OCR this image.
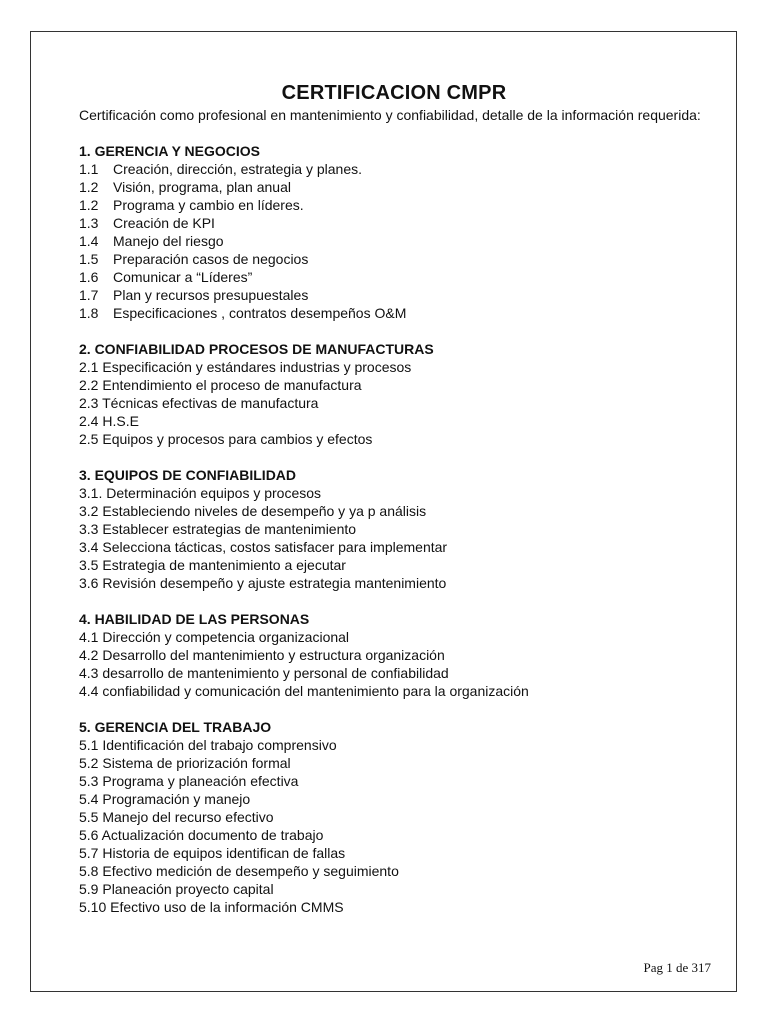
CERTIFICACION CMPR

Certificación como profesional en mantenimiento y confiabilidad, detalle de la información requerida:

1. GERENCIA Y NEGOCIOS
1.1 Creación, dirección, estrategia y planes.
1.2 Visión, programa, plan anual
1.2 Programa y cambio en líderes.
1.3 Creación de KPI
1.4 Manejo del riesgo
1.5 Preparación casos de negocios
1.6 Comunicar a “Líderes”
1.7 Plan y recursos presupuestales
1.8 Especificaciones , contratos desempeños O&M
2. CONFIABILIDAD PROCESOS DE MANUFACTURAS
2.1 Especificación y estándares industrias y procesos
2.2 Entendimiento el proceso de manufactura
2.3 Técnicas efectivas de manufactura
2.4 H.S.E
2.5 Equipos y procesos para cambios y efectos
3. EQUIPOS DE CONFIABILIDAD
3.1. Determinación equipos y procesos
3.2 Estableciendo niveles de desempeño y ya p análisis
3.3 Establecer estrategias de mantenimiento
3.4 Selecciona tácticas, costos satisfacer para implementar
3.5 Estrategia de mantenimiento a ejecutar
3.6 Revisión desempeño y ajuste estrategia mantenimiento
4. HABILIDAD DE LAS PERSONAS
4.1 Dirección y competencia organizacional
4.2 Desarrollo del mantenimiento y estructura organización
4.3 desarrollo de mantenimiento y personal de confiabilidad
4.4 confiabilidad y comunicación del mantenimiento para la organización
5. GERENCIA DEL TRABAJO
5.1 Identificación del trabajo comprensivo
5.2 Sistema de priorización formal
5.3 Programa y planeación efectiva
5.4 Programación y manejo
5.5 Manejo del recurso efectivo
5.6 Actualización documento de trabajo
5.7 Historia de equipos identifican de fallas
5.8 Efectivo medición de desempeño y seguimiento
5.9 Planeación proyecto capital
5.10 Efectivo uso de la información CMMS
Pag 1 de 317
